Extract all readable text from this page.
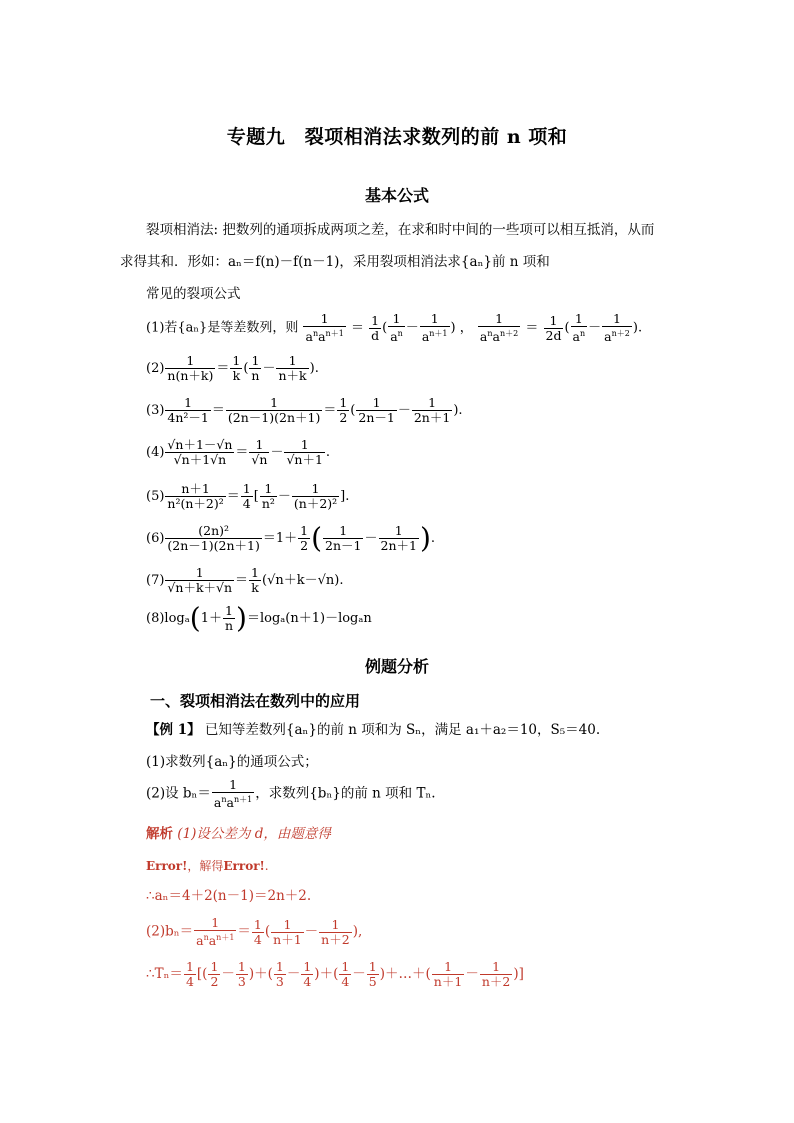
专题九　裂项相消法求数列的前 n 项和
基本公式
裂项相消法: 把数列的通项拆成两项之差，在求和时中间的一些项可以相互抵消，从而
求得其和．形如：aₙ＝f(n)－f(n－1)，采用裂项相消法求{aₙ}前 n 项和
常见的裂项公式
(1)若{aₙ}是等差数列，则 $\frac{1}{a^na^{n+1}} = \frac{1}{d}$ ( $\frac{1}{a^n} - \frac{1}{a^{n+1}}$ ) ， $\frac{1}{a^na^{n+2}} = \frac{1}{2d}$ ( $\frac{1}{a^n} - \frac{1}{a^{n+2}}$ ).
$(2) \frac{1}{n(n+k)} = \frac{1}{k}$ ( $\frac{1}{n} - \frac{1}{n+k}$ ).
$(3) \frac{1}{\text{4n²－1}} = \frac{1}{(2n-1)(2n+1)} = \frac{1}{2}$ ( $\frac{1}{2n-1} - \frac{1}{2n+1}$ ).
$(4) \frac{√n+1-√n}{√n+1√n} = \frac{1}{√n} - \frac{1}{√n+1}$ .
$(5) \frac{n+1}{\text{n²(n＋2)²}} = \frac{1}{4}$ [ $\frac{1}{\text{n²}} - \frac{1}{\text{(n＋2)²}}$ ].
$(6) \frac{\text{(2n)²}}{(2n-1)(2n+1)} =1+ \frac{1}{2}$ ( $\frac{1}{2n-1} - \frac{1}{2n+1}$ ).
$(7) \frac{1}{√n+k+√n} = \frac{1}{k} (√n+k-√n)$.
$(8)\log_a(1+ \frac{1}{n} )=\log_a(n+1)-\log_an$
例题分析
一、裂项相消法在数列中的应用
【例 1】 已知等差数列{aₙ}的前 n 项和为 Sₙ，满足 a₁＋a₂＝10，S₅＝40.
(1)求数列{aₙ}的通项公式；
(2)设 $b_n= \frac{1}{a^na^{n+1}}$ ，求数列{bₙ}的前 n 项和 Tₙ.
解析 (1)设公差为 d，由题意得
Error!，解得Error!.
∴aₙ＝4＋2(n－1)＝2n＋2.
$(2)b_n= \frac{1}{a^na^{n+1}} = \frac{1}{4}$ ( $\frac{1}{n+1} - \frac{1}{n+2}$ ),
∴Tₙ＝ $\frac{1}{4}$ [( $\frac{1}{2} - \frac{1}{3}$ )＋( $\frac{1}{3} - \frac{1}{4}$ )＋( $\frac{1}{4} - \frac{1}{5}$ )＋…＋( $\frac{1}{n+1} - \frac{1}{n+2}$ )]
